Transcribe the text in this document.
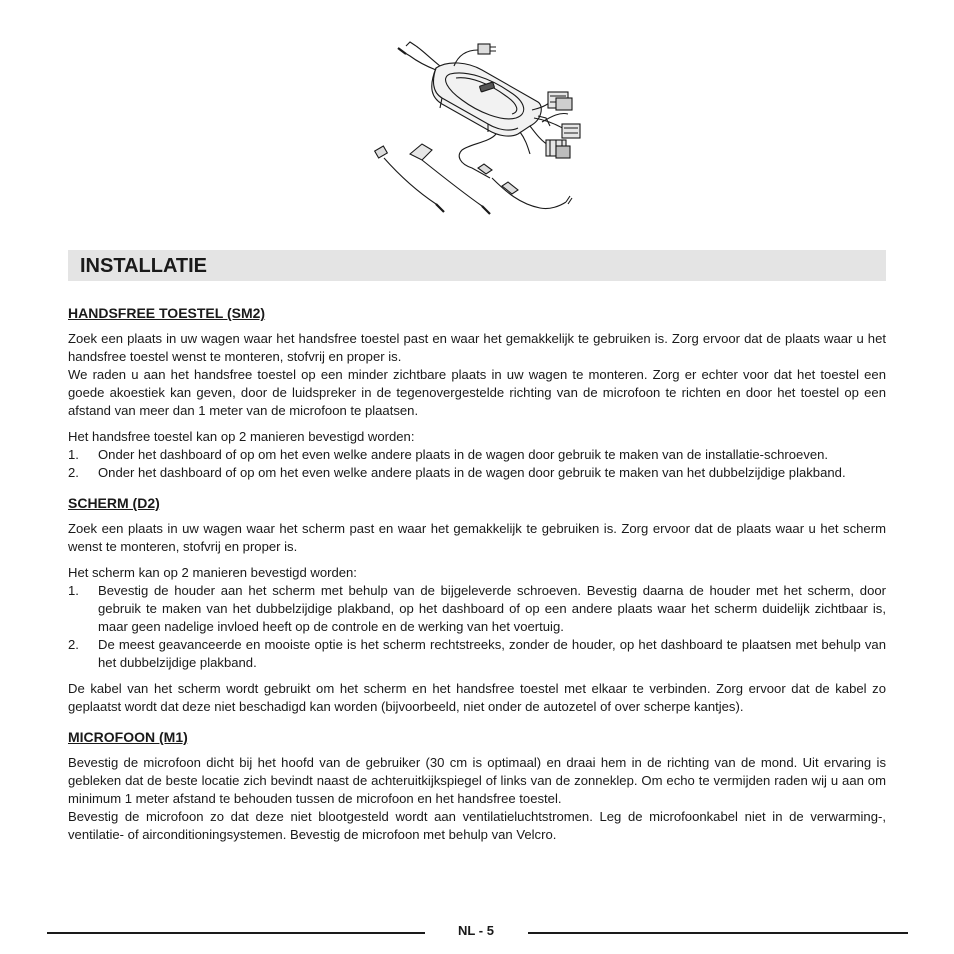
INSTALLATIE
HANDSFREE TOESTEL (SM2)

Zoek een plaats in uw wagen waar het handsfree toestel past en waar het gemakkelijk te gebruiken is. Zorg ervoor dat de plaats waar u het handsfree toestel wenst te monteren, stofvrij en proper is.

We raden u aan het handsfree toestel op een minder zichtbare plaats in uw wagen te monteren. Zorg er echter voor dat het toestel een goede akoestiek kan geven, door de luidspreker in de tegenovergestelde richting van de microfoon te richten en door het toestel op een afstand van meer dan 1 meter van de microfoon te plaatsen.

Het handsfree toestel kan op 2 manieren bevestigd worden:

1. Onder het dashboard of op om het even welke andere plaats in de wagen door gebruik te maken van de installatie-schroeven.
2. Onder het dashboard of op om het even welke andere plaats in de wagen door gebruik te maken van het dubbelzijdige plakband.
SCHERM (D2)

Zoek een plaats in uw wagen waar het scherm past en waar het gemakkelijk te gebruiken is. Zorg ervoor dat de plaats waar u het scherm wenst te monteren, stofvrij en proper is.

Het scherm kan op 2 manieren bevestigd worden:

1. Bevestig de houder aan het scherm met behulp van de bijgeleverde schroeven. Bevestig daarna de houder met het scherm, door gebruik te maken van het dubbelzijdige plakband, op het dashboard of op een andere plaats waar het scherm duidelijk zichtbaar is, maar geen nadelige invloed heeft op de controle en de werking van het voertuig.
2. De meest geavanceerde en mooiste optie is het scherm rechtstreeks, zonder de houder, op het dashboard te plaatsen met behulp van het dubbelzijdige plakband.

De kabel van het scherm wordt gebruikt om het scherm en het handsfree toestel met elkaar te verbinden. Zorg ervoor dat de kabel zo geplaatst wordt dat deze niet beschadigd kan worden (bijvoorbeeld, niet onder de autozetel of over scherpe kantjes).

MICROFOON (M1)

Bevestig de microfoon dicht bij het hoofd van de gebruiker (30 cm is optimaal) en draai hem in de richting van de mond. Uit ervaring is gebleken dat de beste locatie zich bevindt naast de achteruitkijkspiegel of links van de zonneklep. Om echo te vermijden raden wij u aan om minimum 1 meter afstand te behouden tussen de microfoon en het handsfree toestel.

Bevestig de microfoon zo dat deze niet blootgesteld wordt aan ventilatieluchtstromen. Leg de microfoonkabel niet in de verwarming-, ventilatie- of airconditioningsystemen. Bevestig de microfoon met behulp van Velcro.

NL - 5
